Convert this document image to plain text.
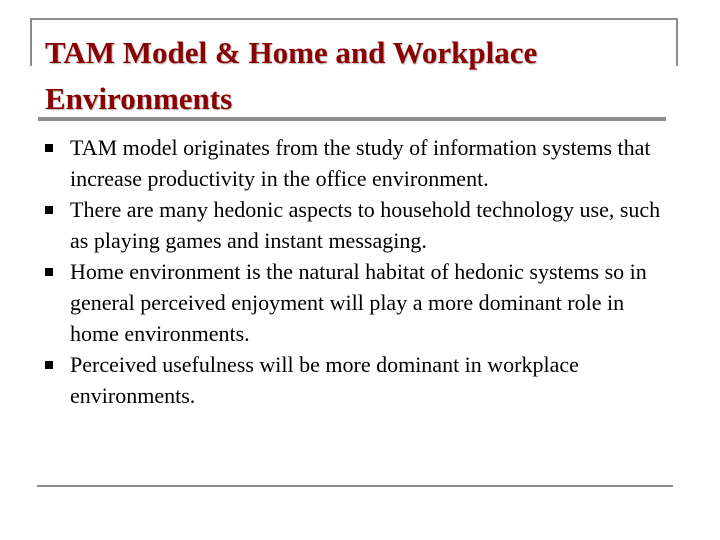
TAM Model & Home and Workplace Environments
TAM model originates from the study of information systems that increase productivity in the office environment.
There are many hedonic aspects to household technology use, such as playing games and instant messaging.
Home environment is the natural habitat of hedonic systems so in general perceived enjoyment will play a more dominant role in home environments.
Perceived usefulness will be more dominant in workplace environments.
